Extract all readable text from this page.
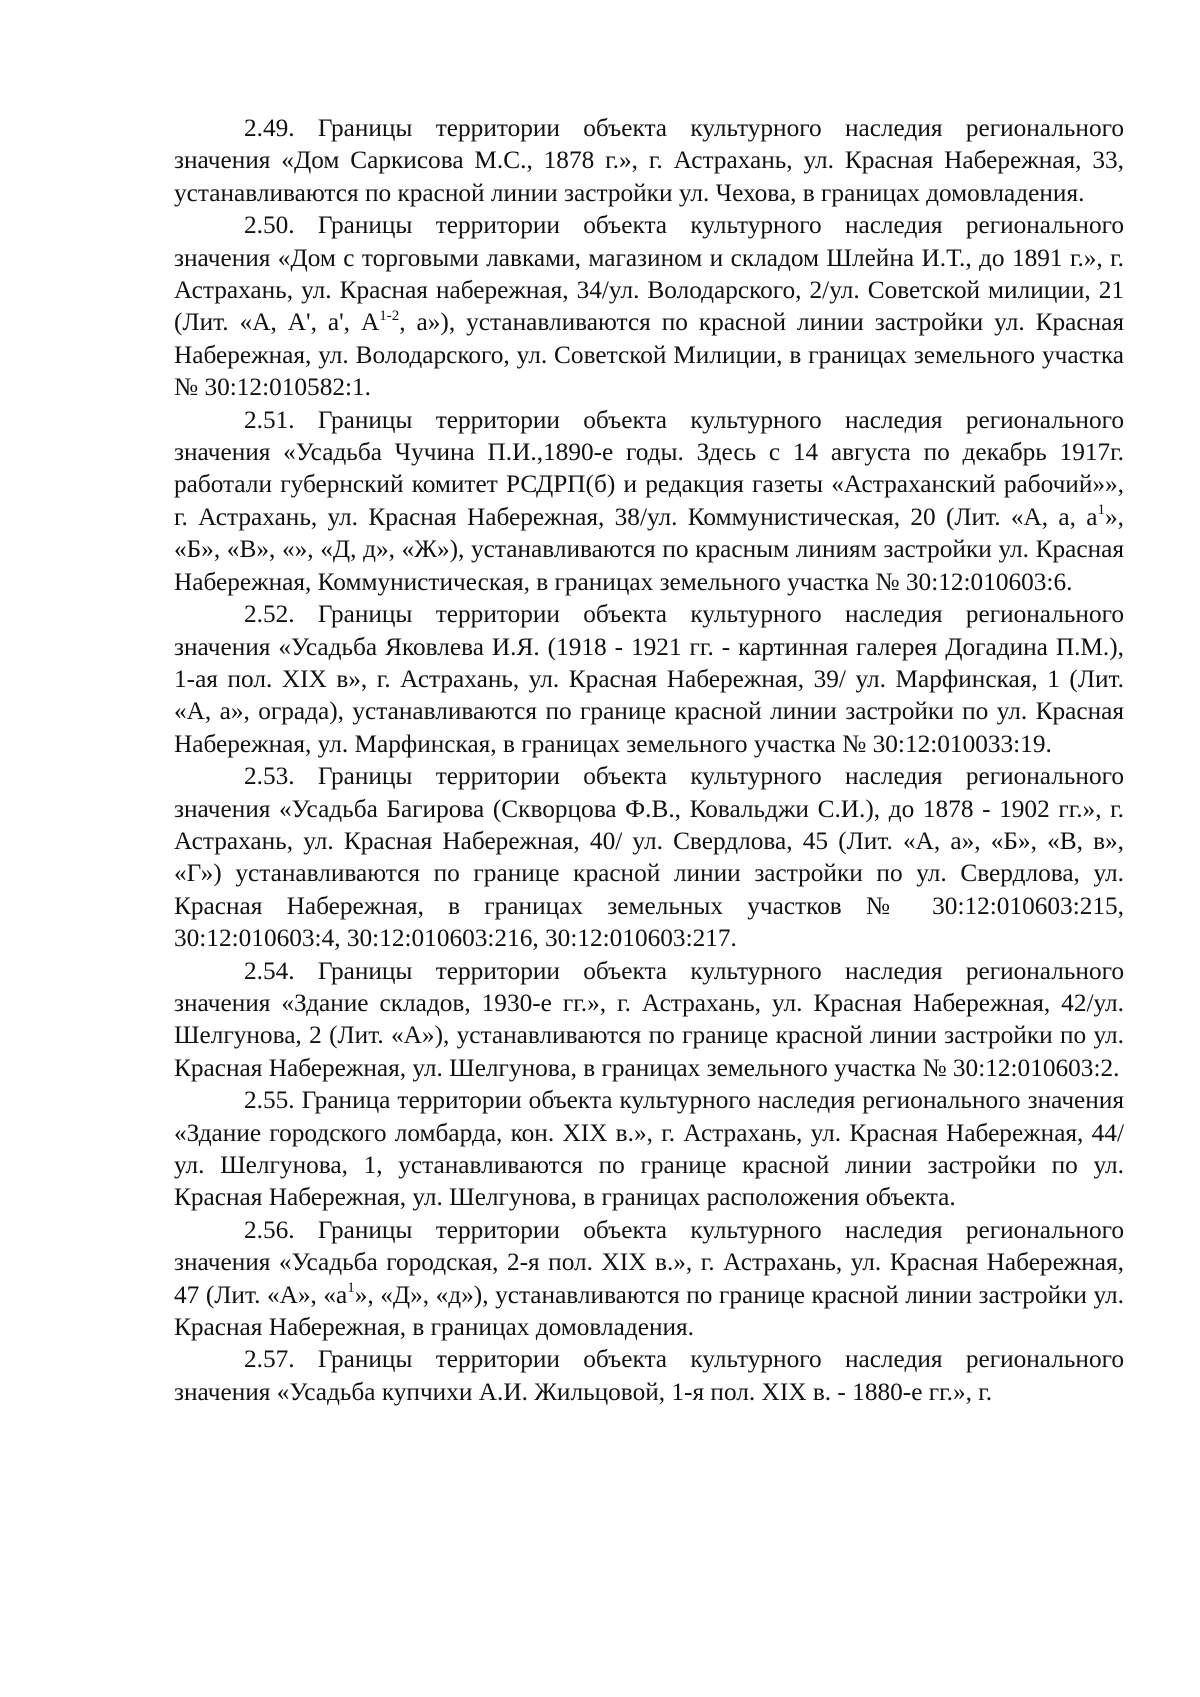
2.49. Границы территории объекта культурного наследия регионального значения «Дом Саркисова М.С., 1878 г.», г. Астрахань, ул. Красная Набережная, 33, устанавливаются по красной линии застройки ул. Чехова, в границах домовладения.

2.50. Границы территории объекта культурного наследия регионального значения «Дом с торговыми лавками, магазином и складом Шлейна И.Т., до 1891 г.», г. Астрахань, ул. Красная набережная, 34/ул. Володарского, 2/ул. Советской милиции, 21 (Лит. «А, А', а', $А^{1-2}$, а»), устанавливаются по красной линии застройки ул. Красная Набережная, ул. Володарского, ул. Советской Милиции, в границах земельного участка № 30:12:010582:1.

2.51. Границы территории объекта культурного наследия регионального значения «Усадьба Чучина П.И.,1890-е годы. Здесь с 14 августа по декабрь 1917г. работали губернский комитет РСДРП(б) и редакция газеты «Астраханский рабочий»», г. Астрахань, ул. Красная Набережная, 38/ул. Коммунистическая, 20 (Лит. «А, а, $а^1$», «Б», «В», «», «Д, д», «Ж»), устанавливаются по красным линиям застройки ул. Красная Набережная, Коммунистическая, в границах земельного участка № 30:12:010603:6.

2.52. Границы территории объекта культурного наследия регионального значения «Усадьба Яковлева И.Я. (1918 - 1921 гг. - картинная галерея Догадина П.М.), 1-ая пол. XIX в», г. Астрахань, ул. Красная Набережная, 39/ ул. Марфинская, 1 (Лит. «А, а», ограда), устанавливаются по границе красной линии застройки по ул. Красная Набережная, ул. Марфинская, в границах земельного участка № 30:12:010033:19.

2.53. Границы территории объекта культурного наследия регионального значения «Усадьба Багирова (Скворцова Ф.В., Ковальджи С.И.), до 1878 - 1902 гг.», г. Астрахань, ул. Красная Набережная, 40/ ул. Свердлова, 45 (Лит. «А, а», «Б», «В, в», «Г») устанавливаются по границе красной линии застройки по ул. Свердлова, ул. Красная Набережная, в границах земельных участков № 30:12:010603:215, 30:12:010603:4, 30:12:010603:216, 30:12:010603:217.

2.54. Границы территории объекта культурного наследия регионального значения «Здание складов, 1930-е гг.», г. Астрахань, ул. Красная Набережная, 42/ул. Шелгунова, 2 (Лит. «А»), устанавливаются по границе красной линии застройки по ул. Красная Набережная, ул. Шелгунова, в границах земельного участка № 30:12:010603:2.

2.55. Граница территории объекта культурного наследия регионального значения «Здание городского ломбарда, кон. XIX в.», г. Астрахань, ул. Красная Набережная, 44/ул. Шелгунова, 1, устанавливаются по границе красной линии застройки по ул. Красная Набережная, ул. Шелгунова, в границах расположения объекта.

2.56. Границы территории объекта культурного наследия регионального значения «Усадьба городская, 2-я пол. XIX в.», г. Астрахань, ул. Красная Набережная, 47 (Лит. «А», «$а^1$», «Д», «д»), устанавливаются по границе красной линии застройки ул. Красная Набережная, в границах домовладения.

2.57. Границы территории объекта культурного наследия регионального значения «Усадьба купчихи А.И. Жильцовой, 1-я пол. XIX в. - 1880-е гг.», г.
